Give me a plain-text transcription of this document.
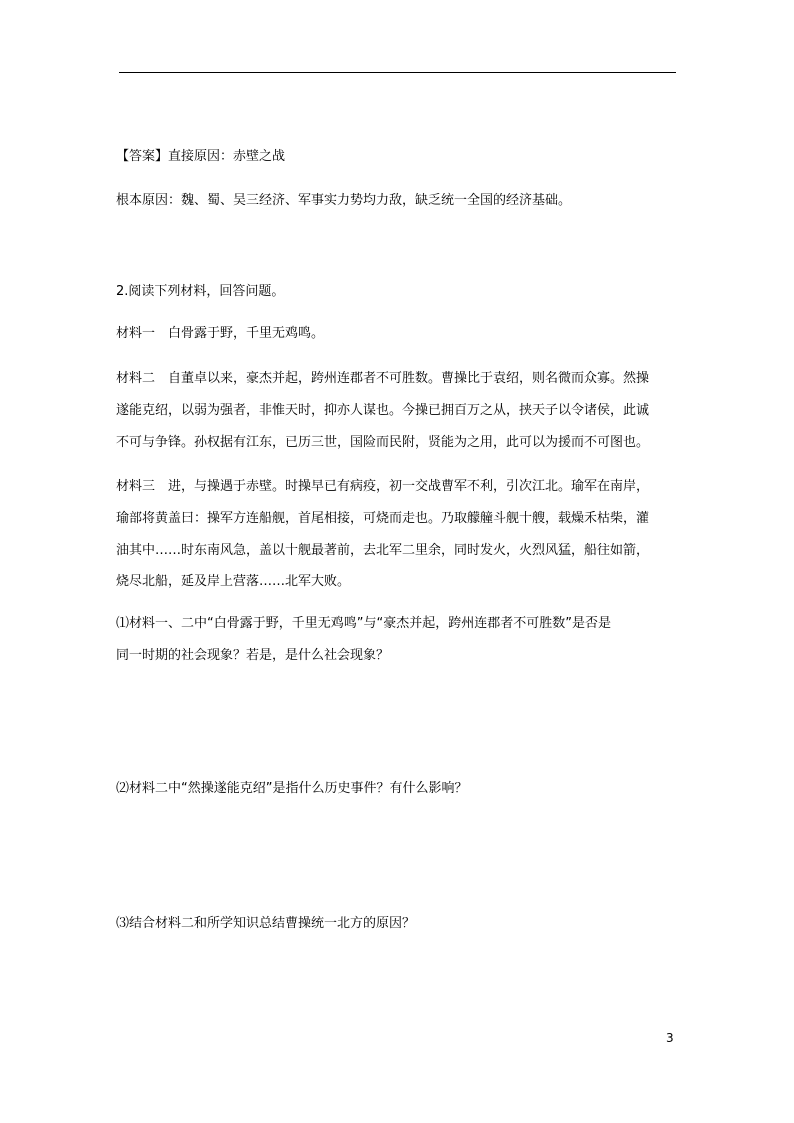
【答案】直接原因：赤壁之战
根本原因：魏、蜀、吴三经济、军事实力势均力敌，缺乏统一全国的经济基础。
2.阅读下列材料，回答问题。
材料一　白骨露于野，千里无鸡鸣。
材料二　自董卓以来，豪杰并起，跨州连郡者不可胜数。曹操比于袁绍，则名微而众寡。然操
遂能克绍，以弱为强者，非惟天时，抑亦人谋也。今操已拥百万之从，挟天子以令诸侯，此诚
不可与争锋。孙权据有江东，已历三世，国险而民附，贤能为之用，此可以为援而不可图也。
材料三　进，与操遇于赤壁。时操早已有病疫，初一交战曹军不利，引次江北。瑜军在南岸，
瑜部将黄盖曰：操军方连船舰，首尾相接，可烧而走也。乃取艨艟斗舰十艘，载燥禾枯柴，灌
油其中……时东南风急，盖以十舰最著前，去北军二里余，同时发火，火烈风猛，船往如箭，
烧尽北船，延及岸上营落……北军大败。
⑴材料一、二中“白骨露于野，千里无鸡鸣”与“豪杰并起，跨州连郡者不可胜数”是否是
同一时期的社会现象？若是，是什么社会现象？
⑵材料二中“然操遂能克绍”是指什么历史事件？有什么影响？
⑶结合材料二和所学知识总结曹操统一北方的原因？
3
